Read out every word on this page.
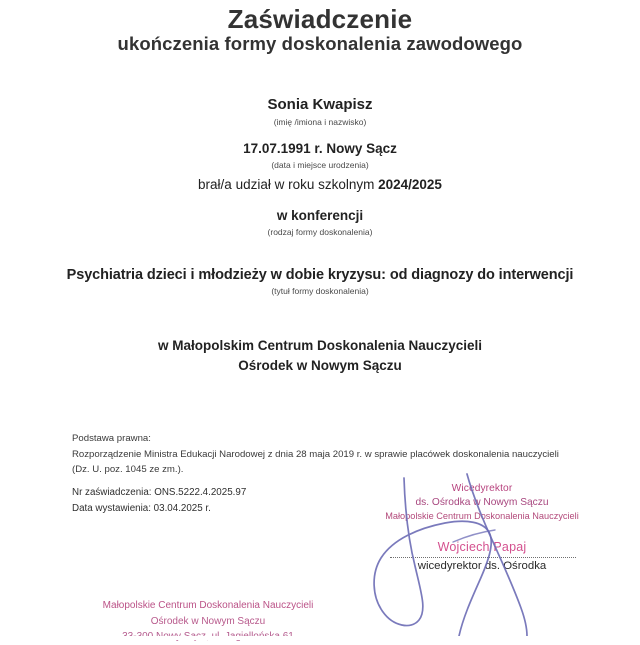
Zaświadczenie
ukończenia formy doskonalenia zawodowego
Sonia Kwapisz
(imię /imiona i nazwisko)
17.07.1991 r. Nowy Sącz
(data i miejsce urodzenia)
brał/a udział w roku szkolnym 2024/2025
w konferencji
(rodzaj formy doskonalenia)
Psychiatria dzieci i młodzieży w dobie kryzysu: od diagnozy do interwencji
(tytuł formy doskonalenia)
w Małopolskim Centrum Doskonalenia Nauczycieli
Ośrodek w Nowym Sączu
Podstawa prawna:
Rozporządzenie Ministra Edukacji Narodowej z dnia 28 maja 2019 r. w sprawie placówek doskonalenia nauczycieli
(Dz. U. poz. 1045 ze zm.).
Nr zaświadczenia: ONS.5222.4.2025.97
Data wystawienia: 03.04.2025 r.
Wicedyrektor
ds. Ośrodka w Nowym Sączu
Małopolskie Centrum Doskonalenia Nauczycieli
Wojciech Papaj
wicedyrektor ds. Ośrodka
Małopolskie Centrum Doskonalenia Nauczycieli
Ośrodek w Nowym Sączu
